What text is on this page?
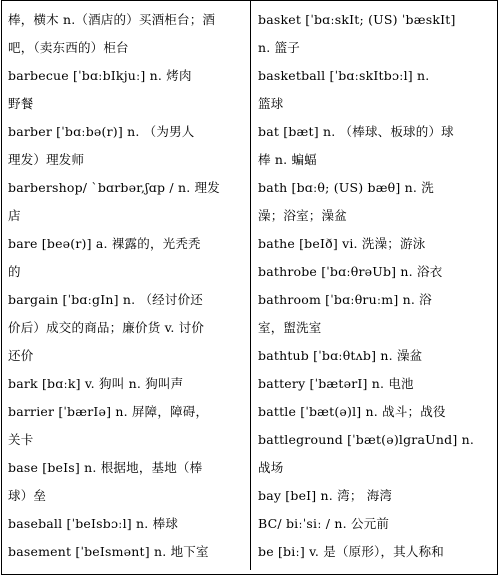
棒，横木 n.（酒店的）买酒柜台；酒
吧，（卖东西的）柜台
barbecue [ˈbɑːbIkjuː] n. 烤肉
野餐
barber [ˈbɑːbə(r)] n. （为男人
理发）理发师
barbershop/ ˋbɑrbər,ʃɑp / n. 理发
店
bare [beə(r)] a. 裸露的，光秃秃
的
bargain [ˈbɑːgIn] n. （经讨价还
价后）成交的商品；廉价货 v. 讨价
还价
bark [bɑːk] v. 狗叫 n. 狗叫声
barrier [ˈbærIə] n. 屏障，障碍，
关卡
base [beIs] n. 根据地，基地（棒
球）垒
baseball [ˈbeIsbɔːl] n. 棒球
basement [ˈbeIsmənt] n. 地下室
basket [ˈbɑːskIt; (US) ˈbæskIt]
n. 篮子
basketball [ˈbɑːskItbɔːl] n.
篮球
bat [bæt] n. （棒球、板球的）球
棒 n. 蝙蝠
bath [bɑːθ; (US) bæθ] n. 洗
澡；浴室；澡盆
bathe [beIð] vi. 洗澡；游泳
bathrobe [ˈbɑːθrəUb] n. 浴衣
bathroom [ˈbɑːθruːm] n. 浴
室，盥洗室
bathtub [ˈbɑːθtʌb] n. 澡盆
battery [ˈbætərI] n. 电池
battle [ˈbæt(ə)l] n. 战斗；战役
battleground [ˈbæt(ə)lgraUnd] n.
战场
bay [beI] n. 湾； 海湾
BC/ biːˈsiː / n. 公元前
be [biː] v. 是（原形），其人称和
